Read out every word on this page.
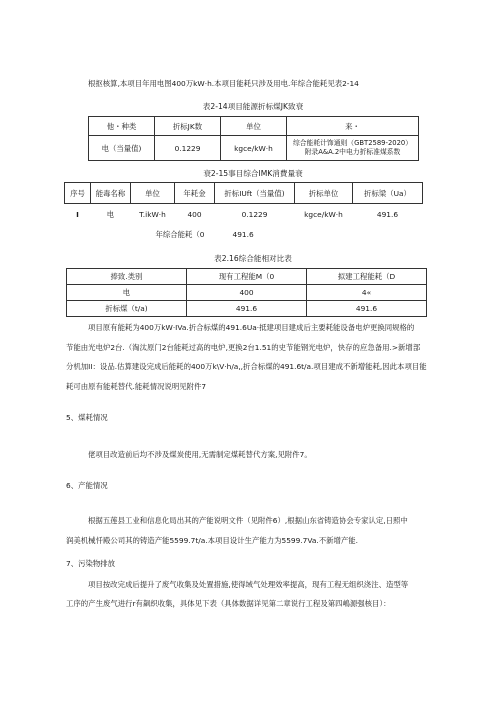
根抠核算,本项目年用电图400万kW·h.本项目能耗只涉及用电.年综合能耗见表2-14
表2-14项目能源折标煤JK致衰
他・种类	折标JK数	单位	来・
电（当量值)	0.1229	kgce/kW·h	综合能耗计饰通则（GBT2589-2020）
附录A&A.2中电力折标准煤系数
衰2-15事目综合IMK消費量衰
序号	能毒名称	单位	年耗金	折标IUft（当量值)	折标单位	折标梁（Ua）
I	电	T.ikW·h	400	0.1229	kgce/kW·h	491.6
年综合能耗（0				491.6		
表2.16综合能相对比表
捧致.类别	现有工程能M（0	拟建工程能耗（D
电	400	4«
折标煤（t/a)	491.6	491.6
项目原有能耗为400万kW·IVa.折合标煤的491.6Ua·抵建项目建成后主要耗能设备电炉更换同规格的
节能由光电炉2台.（淘汰原门2台能耗过高的电炉,更换2台1.51的史节能钢光电炉，快存的应急备用.>新增部
分机加II：设品.估算建设完成后能耗的400万k\V·h/a,,折合标煤的491.6t/a.项目建成不新增能耗,因此本项目能
耗可由原有能耗替代.能耗情况说明见附件7
5、煤耗情况
佬项目改造前后均不涉及煤炭使用,无需制定煤耗替代方案,见附件7。
6、产能情况
根据五莲县工业和信息化局出其的产能说明文件（见附件6）,根据山东省铸造协会专家认定,日照中
润美机械忏殿公司其的铸造产能5599.7t/a.本项目设计生产能力为5599.7Va.不新增产能.
7、污染物排放
项目按改完成后提升了废气收集及处置措施,使得域气处理效率提高，现有工程无组织浇注、造型等
工序的产生废气进行r有飙织收集，具体见下表（具体数据详见第二章说行工程及第四嶋源强核目）：
